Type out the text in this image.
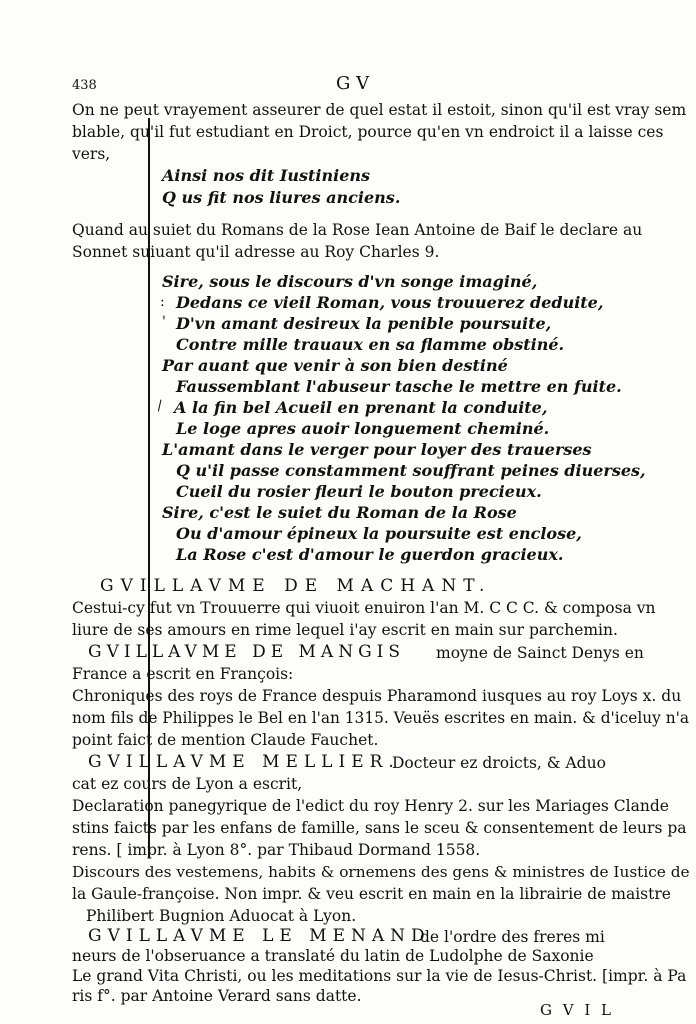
438	G V
On ne peut vrayement asseurer de quel estat il estoit, sinon qu'il est vray sem
blable, qu'il fut estudiant en Droict, pource qu'en vn endroict il a laisse ces
vers,
Ainsi nos dit Iustiniens
Q us fit nos liures anciens.
Quand au suiet du Romans de la Rose Iean Antoine de Baif le declare au
Sonnet suiuant qu'il adresse au Roy Charles 9.
Sire, sous le discours d'vn songe imaginé,
: Dedans ce vieil Roman, vous trouuerez deduite,
' D'vn amant desireux la penible poursuite,
Contre mille trauaux en sa flamme obstiné.
Par auant que venir à son bien destiné
Faussemblant l'abuseur tasche le mettre en fuite.
\ A la fin bel Acueil en prenant la conduite,
Le loge apres auoir longuement cheminé.
L'amant dans le verger pour loyer des trauerses
Q u'il passe constamment souffrant peines diuerses,
Cueil du rosier fleuri le bouton precieux.
Sire, c'est le suiet du Roman de la Rose
Ou d'amour épineux la poursuite est enclose,
La Rose c'est d'amour le guerdon gracieux.
GVILLAVME DE MACHANT.
Cestui-cy fut vn Trouuerre qui viuoit enuiron l'an M. C C C. & composa vn
liure de ses amours en rime lequel i'ay escrit en main sur parchemin.
GVILLAVME DE MANGIS moyne de Sainct Denys en
France a escrit en François:
Chroniques des roys de France despuis Pharamond iusques au roy Loys x. du
nom fils de Philippes le Bel en l'an 1315. Veuës escrites en main. & d'iceluy n'a
point faict de mention Claude Fauchet.
GVILLAVME MELLIER.
Docteur ez droicts, & Aduo
cat ez cours de Lyon a escrit,
Declaration panegyrique de l'edict du roy Henry 2. sur les Mariages Clande
stins faicts par les enfans de famille, sans le sceu & consentement de leurs pa
rens. [ impr. à Lyon 8°. par Thibaud Dormand 1558.
Discours des vestemens, habits & ornemens des gens & ministres de Iustice de
la Gaule-françoise. Non impr. & veu escrit en main en la librairie de maistre
Philibert Bugnion Aduocat à Lyon.
GVILLAVME LE MENAND
de l'ordre des freres mi
neurs de l'obseruance a translaté du latin de Ludolphe de Saxonie
Le grand Vita Christi, ou les meditations sur la vie de Iesus-Christ. [impr. à Pa
ris f°. par Antoine Verard sans datte.
G V I L
